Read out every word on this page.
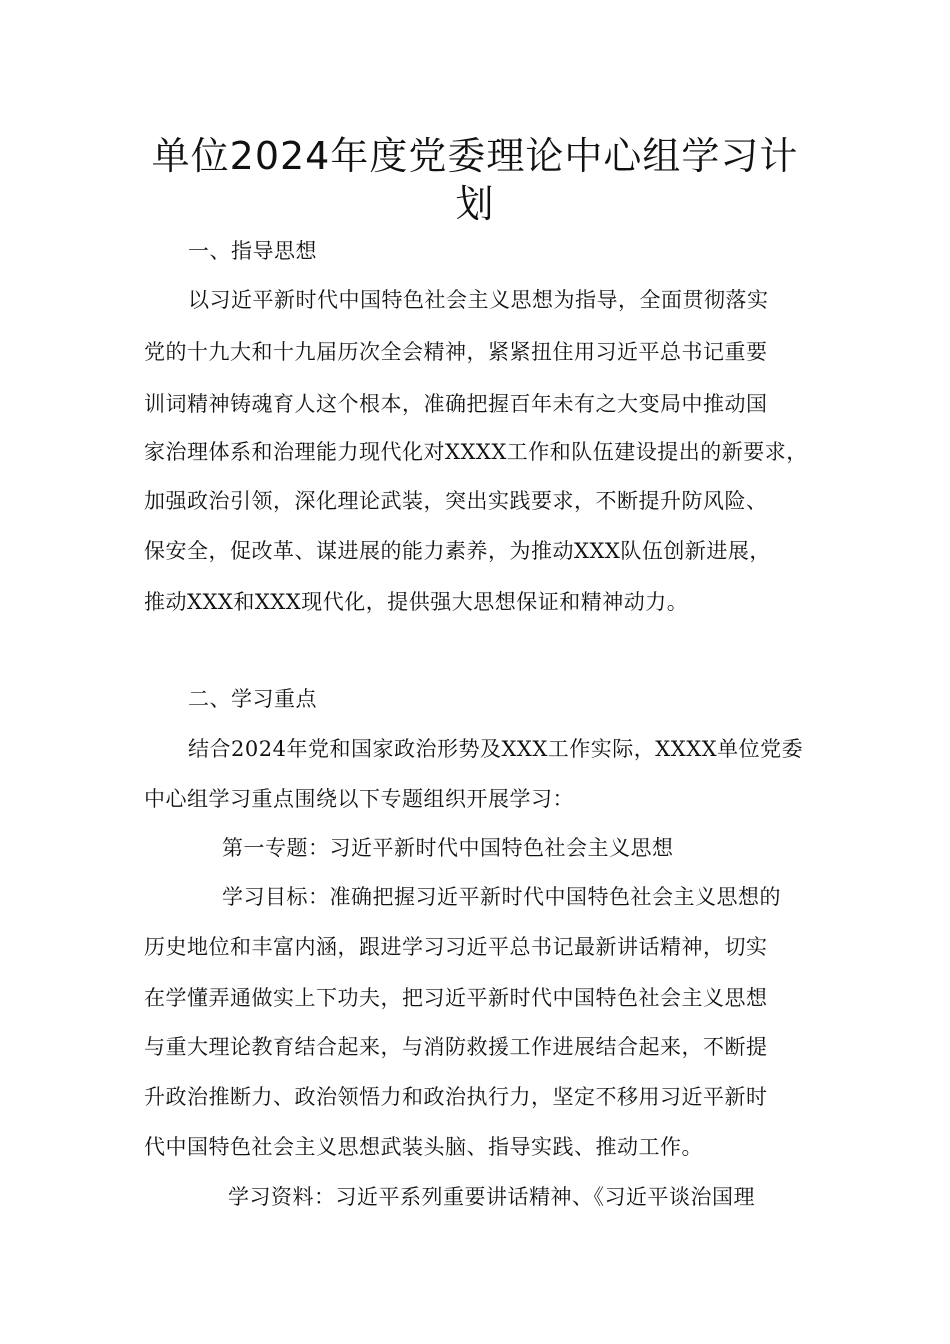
单位2024年度党委理论中心组学习计
划
一、指导思想
以习近平新时代中国特色社会主义思想为指导，全面贯彻落实
党的十九大和十九届历次全会精神，紧紧扭住用习近平总书记重要
训词精神铸魂育人这个根本，准确把握百年未有之大变局中推动国
家治理体系和治理能力现代化对XXXX工作和队伍建设提出的新要求，
加强政治引领，深化理论武装，突出实践要求，不断提升防风险、
保安全，促改革、谋进展的能力素养，为推动XXX队伍创新进展，
推动XXX和XXX现代化，提供强大思想保证和精神动力。
二、学习重点
结合2024年党和国家政治形势及XXX工作实际，XXXX单位党委
中心组学习重点围绕以下专题组织开展学习：
第一专题：习近平新时代中国特色社会主义思想
学习目标：准确把握习近平新时代中国特色社会主义思想的
历史地位和丰富内涵，跟进学习习近平总书记最新讲话精神，切实
在学懂弄通做实上下功夫，把习近平新时代中国特色社会主义思想
与重大理论教育结合起来，与消防救援工作进展结合起来，不断提
升政治推断力、政治领悟力和政治执行力，坚定不移用习近平新时
代中国特色社会主义思想武装头脑、指导实践、推动工作。
学习资料：习近平系列重要讲话精神、《习近平谈治国理
